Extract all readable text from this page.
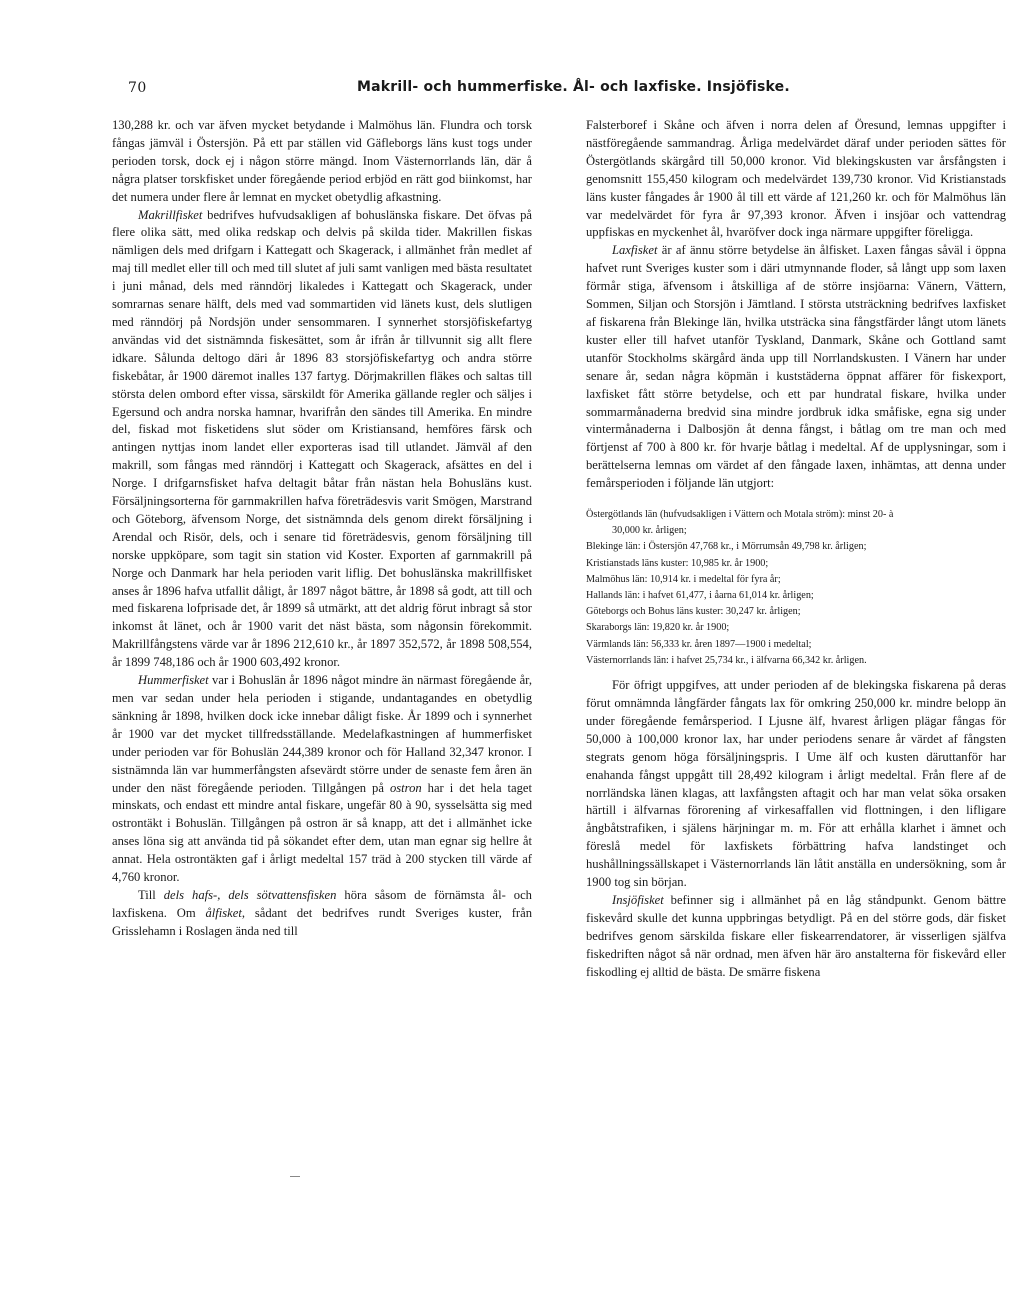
70	Makrill- och hummerfiske. Ål- och laxfiske. Insjöfiske.

130,288 kr. och var äfven mycket betydande i Malmöhus län. Flundra och torsk fångas jämväl i Östersjön. På ett par ställen vid Gäfleborgs läns kust togs under perioden torsk, dock ej i någon större mängd. Inom Västernorrlands län, där å några platser torskfisket under föregående period erbjöd en rätt god biinkomst, har det numera under flere år lemnat en mycket obetydlig afkastning.

Makrillfisket bedrifves hufvudsakligen af bohuslänska fiskare. Det öfvas på flere olika sätt, med olika redskap och delvis på skilda tider. Makrillen fiskas nämligen dels med drifgarn i Kattegatt och Skagerack, i allmänhet från medlet af maj till medlet eller till och med till slutet af juli samt vanligen med bästa resultatet i juni månad, dels med ränndörj likaledes i Kattegatt och Skagerack, under somrarnas senare hälft, dels med vad sommartiden vid länets kust, dels slutligen med ränndörj på Nordsjön under sensommaren. I synnerhet storsjöfiskefartyg användas vid det sistnämnda fiskesättet, som år ifrån år tillvunnit sig allt flere idkare. Sålunda deltogo däri år 1896 83 storsjöfiskefartyg och andra större fiskebåtar, år 1900 däremot inalles 137 fartyg. Dörjmakrillen fläkes och saltas till största delen ombord efter vissa, särskildt för Amerika gällande regler och säljes i Egersund och andra norska hamnar, hvarifrån den sändes till Amerika. En mindre del, fiskad mot fisketidens slut söder om Kristiansand, hemföres färsk och antingen nyttjas inom landet eller exporteras isad till utlandet. Jämväl af den makrill, som fångas med ränndörj i Kattegatt och Skagerack, afsättes en del i Norge. I drifgarnsfisket hafva deltagit båtar från nästan hela Bohusläns kust. Försäljningsorterna för garnmakrillen hafva företrädesvis varit Smögen, Marstrand och Göteborg, äfvensom Norge, det sistnämnda dels genom direkt försäljning i Arendal och Risör, dels, och i senare tid företrädesvis, genom försäljning till norske uppköpare, som tagit sin station vid Koster. Exporten af garnmakrill på Norge och Danmark har hela perioden varit liflig. Det bohuslänska makrillfisket anses år 1896 hafva utfallit dåligt, år 1897 något bättre, år 1898 så godt, att till och med fiskarena lofprisade det, år 1899 så utmärkt, att det aldrig förut inbragt så stor inkomst åt länet, och år 1900 varit det näst bästa, som någonsin förekommit. Makrillfångstens värde var år 1896 212,610 kr., år 1897 352,572, år 1898 508,554, år 1899 748,186 och år 1900 603,492 kronor.

Hummerfisket var i Bohuslän år 1896 något mindre än närmast föregående år, men var sedan under hela perioden i stigande, undantagandes en obetydlig sänkning år 1898, hvilken dock icke innebar dåligt fiske. År 1899 och i synnerhet år 1900 var det mycket tillfredsställande. Medelafkastningen af hummerfisket under perioden var för Bohuslän 244,389 kronor och för Halland 32,347 kronor. I sistnämnda län var hummerfångsten afsevärdt större under de senaste fem åren än under den näst föregående perioden. Tillgången på ostron har i det hela taget minskats, och endast ett mindre antal fiskare, ungefär 80 à 90, sysselsätta sig med ostrontäkt i Bohuslän. Tillgången på ostron är så knapp, att det i allmänhet icke anses löna sig att använda tid på sökandet efter dem, utan man egnar sig hellre åt annat. Hela ostrontäkten gaf i årligt medeltal 157 träd à 200 stycken till värde af 4,760 kronor.

Till dels hafs-, dels sötvattensfisken höra såsom de förnämsta ål- och laxfiskena. Om ålfisket, sådant det bedrifves rundt Sveriges kuster, från Grisslehamn i Roslagen ända ned till

Falsterboref i Skåne och äfven i norra delen af Öresund, lemnas uppgifter i nästföregående sammandrag. Årliga medelvärdet däraf under perioden sättes för Östergötlands skärgård till 50,000 kronor. Vid blekingskusten var årsfångsten i genomsnitt 155,450 kilogram och medelvärdet 139,730 kronor. Vid Kristianstads läns kuster fångades år 1900 ål till ett värde af 121,260 kr. och för Malmöhus län var medelvärdet för fyra år 97,393 kronor. Äfven i insjöar och vattendrag uppfiskas en myckenhet ål, hvaröfver dock inga närmare uppgifter föreligga.

Laxfisket är af ännu större betydelse än ålfisket. Laxen fångas såväl i öppna hafvet runt Sveriges kuster som i däri utmynnande floder, så långt upp som laxen förmår stiga, äfvensom i åtskilliga af de större insjöarna: Vänern, Vättern, Sommen, Siljan och Storsjön i Jämtland. I största utsträckning bedrifves laxfisket af fiskarena från Blekinge län, hvilka utsträcka sina fångstfärder långt utom länets kuster eller till hafvet utanför Tyskland, Danmark, Skåne och Gottland samt utanför Stockholms skärgård ända upp till Norrlandskusten. I Vänern har under senare år, sedan några köpmän i kuststäderna öppnat affärer för fiskexport, laxfisket fått större betydelse, och ett par hundratal fiskare, hvilka under sommarmånaderna bredvid sina mindre jordbruk idka småfiske, egna sig under vintermånaderna i Dalbosjön åt denna fångst, i båtlag om tre man och med förtjenst af 700 à 800 kr. för hvarje båtlag i medeltal. Af de upplysningar, som i berättelserna lemnas om värdet af den fångade laxen, inhämtas, att denna under femårsperioden i följande län utgjort:

Östergötlands län (hufvudsakligen i Vättern och Motala ström): minst 20- à
30,000 kr. årligen;
Blekinge län: i Östersjön 47,768 kr., i Mörrumsån 49,798 kr. årligen;
Kristianstads läns kuster: 10,985 kr. år 1900;
Malmöhus län: 10,914 kr. i medeltal för fyra år;
Hallands län: i hafvet 61,477, i åarna 61,014 kr. årligen;
Göteborgs och Bohus läns kuster: 30,247 kr. årligen;
Skaraborgs län: 19,820 kr. år 1900;
Värmlands län: 56,333 kr. åren 1897—1900 i medeltal;
Västernorrlands län: i hafvet 25,734 kr., i älfvarna 66,342 kr. årligen.

För öfrigt uppgifves, att under perioden af de blekingska fiskarena på deras förut omnämnda långfärder fångats lax för omkring 250,000 kr. mindre belopp än under föregående femårsperiod. I Ljusne älf, hvarest årligen plägar fångas för 50,000 à 100,000 kronor lax, har under periodens senare år värdet af fångsten stegrats genom höga försäljningspris. I Ume älf och kusten däruttanför har enahanda fångst uppgått till 28,492 kilogram i årligt medeltal. Från flere af de norrländska länen klagas, att laxfångsten aftagit och har man velat söka orsaken härtill i älfvarnas förorening af virkesaffallen vid flottningen, i den lifligare ångbåtstrafiken, i själens härjningar m. m. För att erhålla klarhet i ämnet och föreslå medel för laxfiskets förbättring hafva landstinget och hushållningssällskapet i Västernorrlands län låtit anställa en undersökning, som år 1900 tog sin början.

Insjöfisket befinner sig i allmänhet på en låg ståndpunkt. Genom bättre fiskevård skulle det kunna uppbringas betydligt. På en del större gods, där fisket bedrifves genom särskilda fiskare eller fiskearrendatorer, är visserligen själfva fiskedriften något så när ordnad, men äfven här äro anstalterna för fiskevård eller fiskodling ej alltid de bästa. De smärre fiskena
